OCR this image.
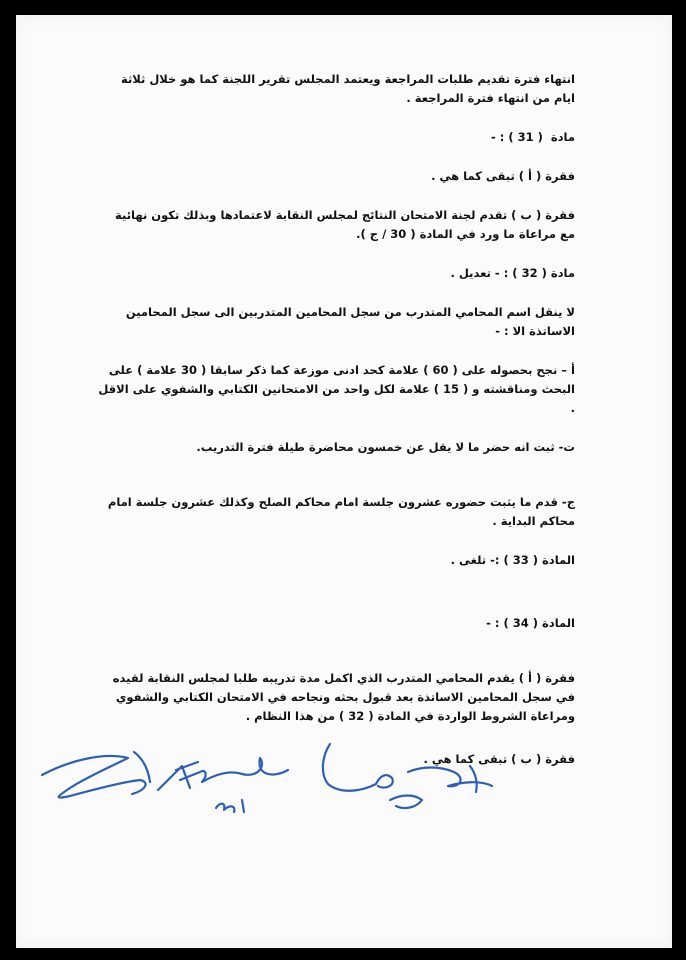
انتهاء فترة تقديم طلبات المراجعة ويعتمد المجلس تقرير اللجنة كما هو خلال ثلاثة ايام من انتهاء فترة المراجعة .

مادة  ( 31 ) : -

فقرة ( أ ) تبقى كما هي .

فقرة ( ب ) تقدم لجنة الامتحان النتائج لمجلس النقابة لاعتمادها وبذلك تكون نهائية مع مراعاة ما ورد في المادة ( 30 / ج ).

مادة ( 32 ) : - تعديل .

لا ينقل اسم المحامي المتدرب من سجل المحامين المتدربين الى سجل المحامين الاساتذة الا : -

أ – نجح بحصوله على ( 60 ) علامة كحد ادنى موزعة كما ذكر سابقا ( 30 علامة ) على البحث ومناقشته و ( 15 ) علامة لكل واحد من الامتحانين الكتابي والشفوي على الاقل .

ت- ثبت انه حضر ما لا يقل عن خمسون محاضرة طيلة فترة التدريب.

ج- قدم ما يثبت حضوره عشرون جلسة امام محاكم الصلح وكذلك عشرون جلسة امام محاكم البداية .

المادة ( 33 ) :- تلغى .

المادة ( 34 ) : -

فقرة ( أ ) يقدم المحامي المتدرب الذي اكمل مدة تدريبه طلبا لمجلس النقابة لقيده في سجل المحامين الاساتذة بعد قبول بحثه ونجاحه في الامتحان الكتابي والشفوي ومراعاة الشروط الواردة في المادة ( 32 ) من هذا النظام .

فقرة ( ب ) تبقى كما هي .
